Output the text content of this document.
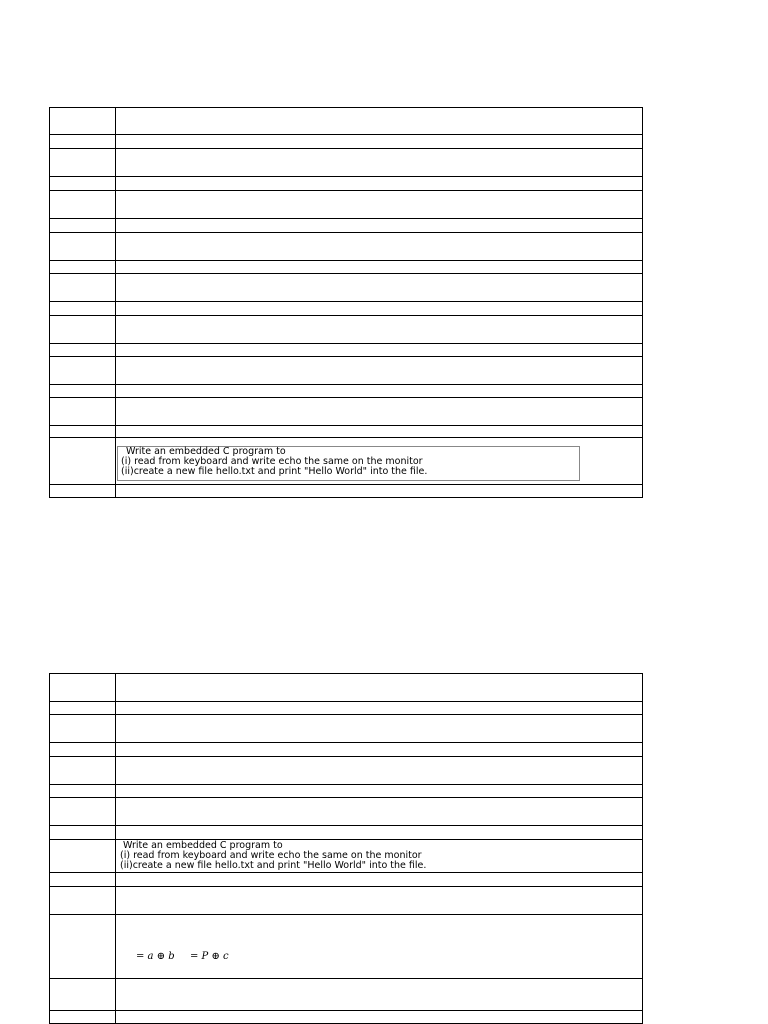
Write an embedded C program to
(i) read from keyboard and write echo the same on the monitor
(ii)create a new file hello.txt and print "Hello World" into the file.
Write an embedded C program to
(i) read from keyboard and write echo the same on the monitor
(ii)create a new file hello.txt and print "Hello World" into the file.
= a ⊕ b = P ⊕ c
